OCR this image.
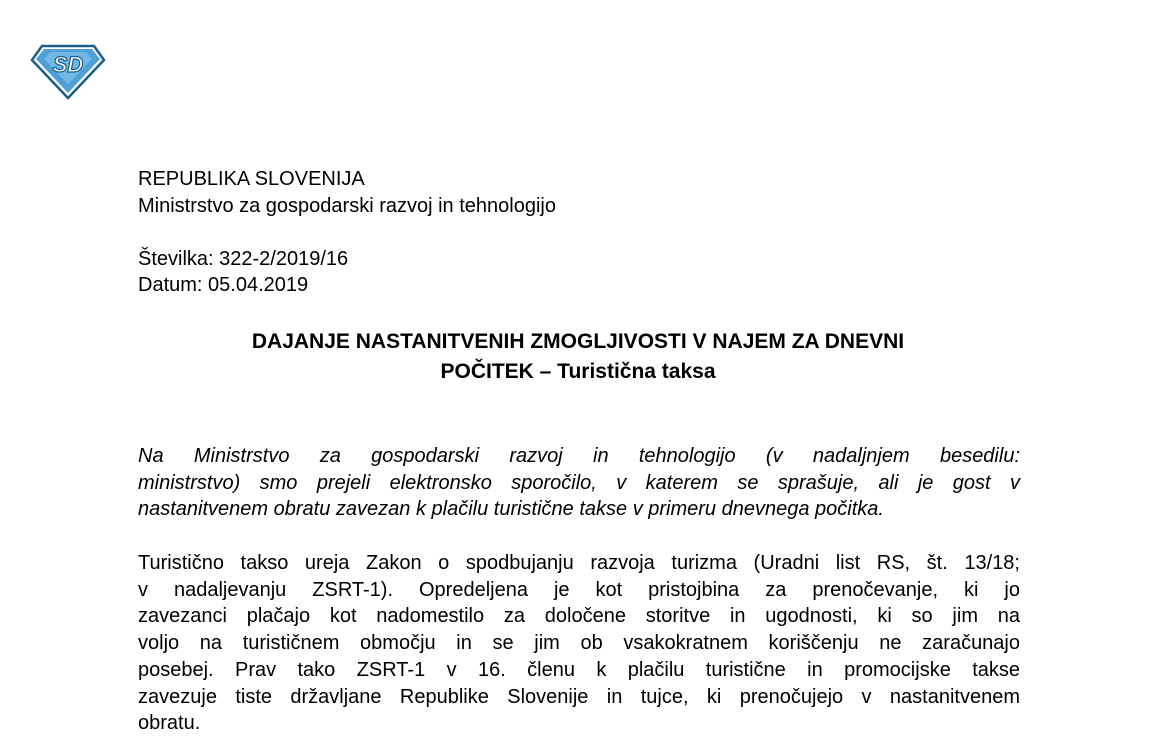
SD
REPUBLIKA SLOVENIJA
Ministrstvo za gospodarski razvoj in tehnologijo
Številka: 322-2/2019/16
Datum: 05.04.2019
DAJANJE NASTANITVENIH ZMOGLJIVOSTI V NAJEM ZA DNEVNI
POČITEK – Turistična taksa
Na Ministrstvo za gospodarski razvoj in tehnologijo (v nadaljnjem besedilu:
ministrstvo) smo prejeli elektronsko sporočilo, v katerem se sprašuje, ali je gost v
nastanitvenem obratu zavezan k plačilu turistične takse v primeru dnevnega počitka.
Turistično takso ureja Zakon o spodbujanju razvoja turizma (Uradni list RS, št. 13/18;
v nadaljevanju ZSRT-1). Opredeljena je kot pristojbina za prenočevanje, ki jo
zavezanci plačajo kot nadomestilo za določene storitve in ugodnosti, ki so jim na
voljo na turističnem območju in se jim ob vsakokratnem koriščenju ne zaračunajo
posebej. Prav tako ZSRT-1 v 16. členu k plačilu turistične in promocijske takse
zavezuje tiste državljane Republike Slovenije in tujce, ki prenočujejo v nastanitvenem
obratu.
